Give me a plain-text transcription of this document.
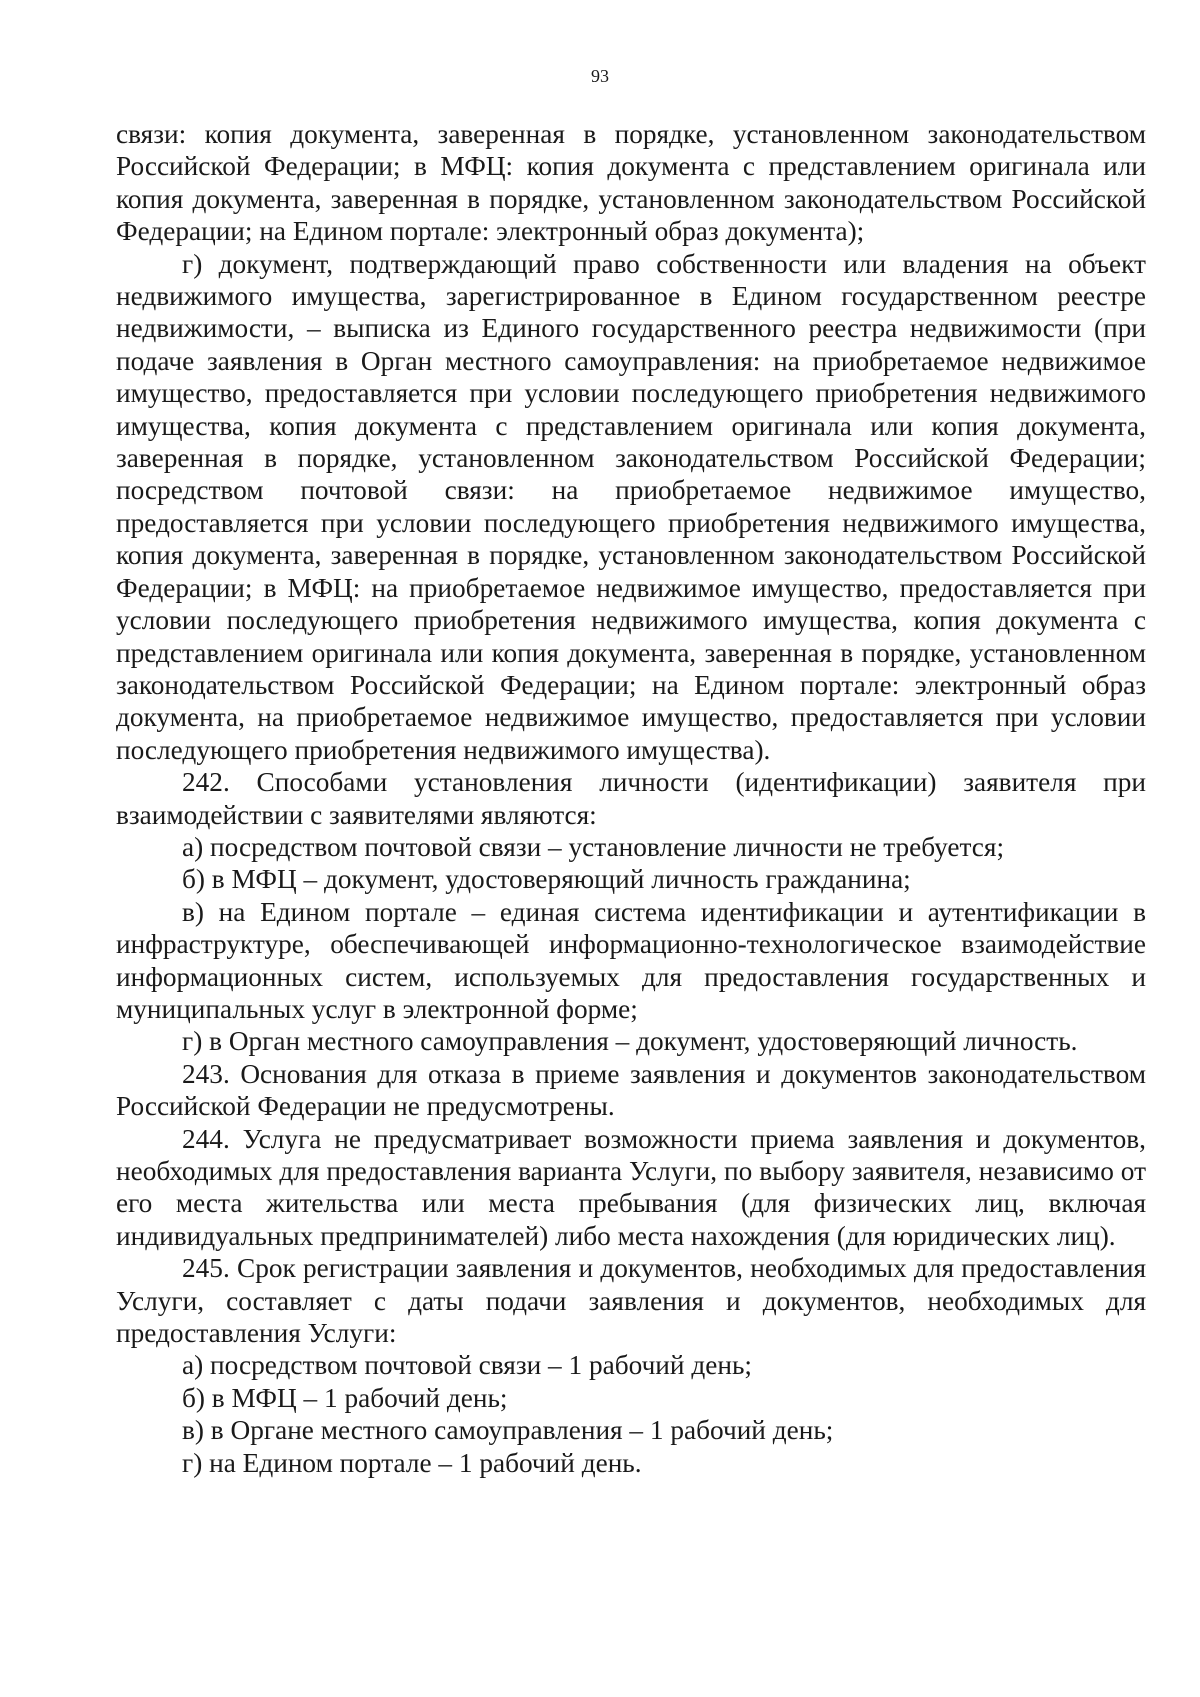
93

связи: копия документа, заверенная в порядке, установленном законодательством Российской Федерации; в МФЦ: копия документа с представлением оригинала или копия документа, заверенная в порядке, установленном законодательством Российской Федерации; на Едином портале: электронный образ документа);

г) документ, подтверждающий право собственности или владения на объект недвижимого имущества, зарегистрированное в Едином государственном реестре недвижимости, – выписка из Единого государственного реестра недвижимости (при подаче заявления в Орган местного самоуправления: на приобретаемое недвижимое имущество, предоставляется при условии последующего приобретения недвижимого имущества, копия документа с представлением оригинала или копия документа, заверенная в порядке, установленном законодательством Российской Федерации; посредством почтовой связи: на приобретаемое недвижимое имущество, предоставляется при условии последующего приобретения недвижимого имущества, копия документа, заверенная в порядке, установленном законодательством Российской Федерации; в МФЦ: на приобретаемое недвижимое имущество, предоставляется при условии последующего приобретения недвижимого имущества, копия документа с представлением оригинала или копия документа, заверенная в порядке, установленном законодательством Российской Федерации; на Едином портале: электронный образ документа, на приобретаемое недвижимое имущество, предоставляется при условии последующего приобретения недвижимого имущества).

242. Способами установления личности (идентификации) заявителя при взаимодействии с заявителями являются:

а) посредством почтовой связи – установление личности не требуется;

б) в МФЦ – документ, удостоверяющий личность гражданина;

в) на Едином портале – единая система идентификации и аутентификации в инфраструктуре, обеспечивающей информационно-технологическое взаимодействие информационных систем, используемых для предоставления государственных и муниципальных услуг в электронной форме;

г) в Орган местного самоуправления – документ, удостоверяющий личность.

243. Основания для отказа в приеме заявления и документов законодательством Российской Федерации не предусмотрены.

244. Услуга не предусматривает возможности приема заявления и документов, необходимых для предоставления варианта Услуги, по выбору заявителя, независимо от его места жительства или места пребывания (для физических лиц, включая индивидуальных предпринимателей) либо места нахождения (для юридических лиц).

245. Срок регистрации заявления и документов, необходимых для предоставления Услуги, составляет с даты подачи заявления и документов, необходимых для предоставления Услуги:

а) посредством почтовой связи – 1 рабочий день;

б) в МФЦ – 1 рабочий день;

в) в Органе местного самоуправления – 1 рабочий день;

г) на Едином портале – 1 рабочий день.
